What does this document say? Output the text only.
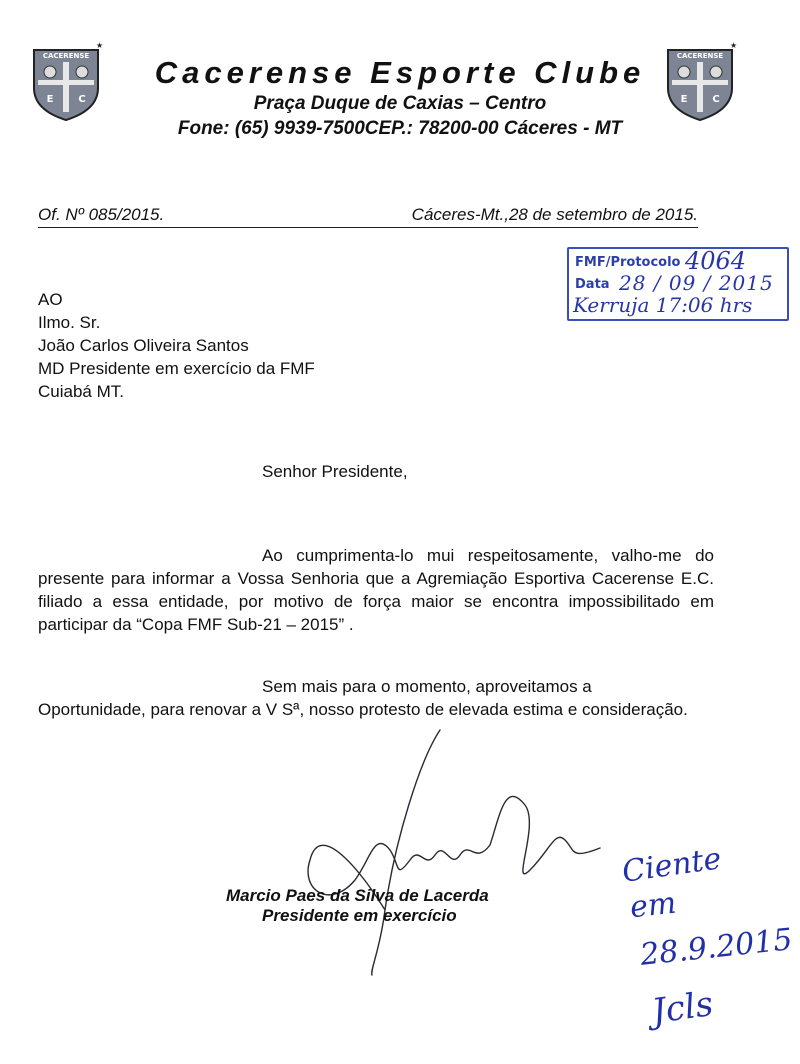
CACERENSE
E C
★
CACERENSE
E C
★
Cacerense Esporte Clube
Praça Duque de Caxias – Centro
Fone: (65) 9939-7500CEP.: 78200-00 Cáceres - MT
Of. Nº 085/2015.	Cáceres-Mt.,28 de setembro de 2015.
FMF/Protocolo 4064
Data 28 / 09 / 2015
Kerruja 17:06 hrs
AO
Ilmo. Sr.
João Carlos Oliveira Santos
MD Presidente em exercício da FMF
Cuiabá MT.
Senhor Presidente,
Ao cumprimenta-lo mui respeitosamente, valho-me do presente para informar a Vossa Senhoria que a Agremiação Esportiva Cacerense E.C. filiado a essa entidade, por motivo de força maior se encontra impossibilitado em participar da “Copa FMF Sub-21 – 2015” .
Sem mais para o momento, aproveitamos a
Oportunidade, para renovar a V Sª, nosso protesto de elevada estima e consideração.
Marcio Paes da Silva de Lacerda
Presidente em exercício
Ciente
em
28.9.2015
Jcls
